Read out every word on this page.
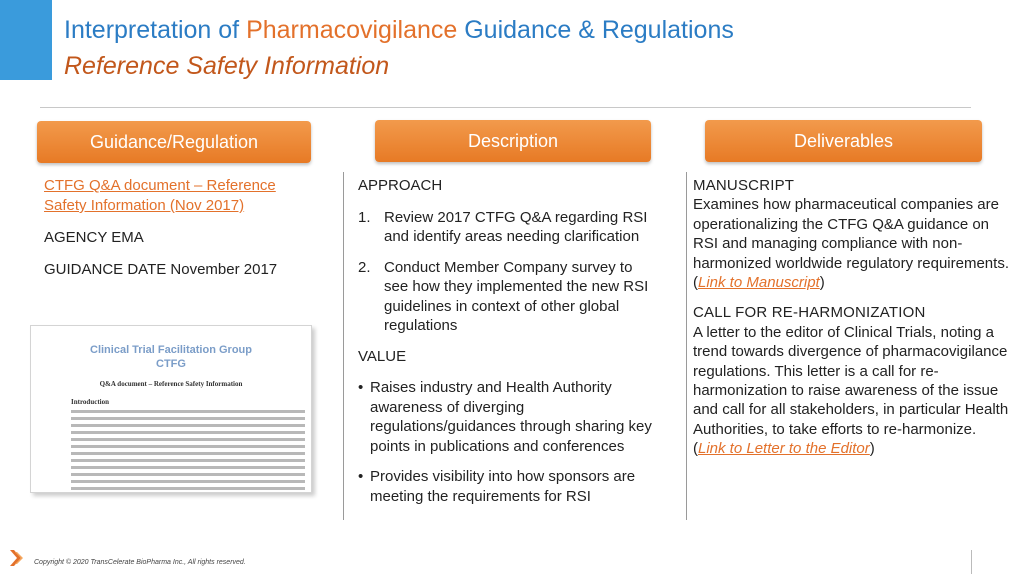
Interpretation of Pharmacovigilance Guidance & Regulations
Reference Safety Information
Guidance/Regulation	Description	Deliverables
CTFG Q&A document – Reference Safety Information (Nov 2017)
AGENCY EMA
GUIDANCE DATE November 2017
Clinical Trial Facilitation Group
CTFG
Q&A document – Reference Safety Information
Introduction
APPROACH
1. Review 2017 CTFG Q&A regarding RSI and identify areas needing clarification
2. Conduct Member Company survey to see how they implemented the new RSI guidelines in context of other global regulations
VALUE
• Raises industry and Health Authority awareness of diverging regulations/guidances through sharing key points in publications and conferences
• Provides visibility into how sponsors are meeting the requirements for RSI
MANUSCRIPT
Examines how pharmaceutical companies are operationalizing the CTFG Q&A guidance on RSI and managing compliance with non-harmonized worldwide regulatory requirements.
(Link to Manuscript)
CALL FOR RE-HARMONIZATION
A letter to the editor of Clinical Trials, noting a trend towards divergence of pharmacovigilance regulations. This letter is a call for re-harmonization to raise awareness of the issue and call for all stakeholders, in particular Health Authorities, to take efforts to re-harmonize.
(Link to Letter to the Editor)
Copyright © 2020 TransCelerate BioPharma Inc., All rights reserved.
